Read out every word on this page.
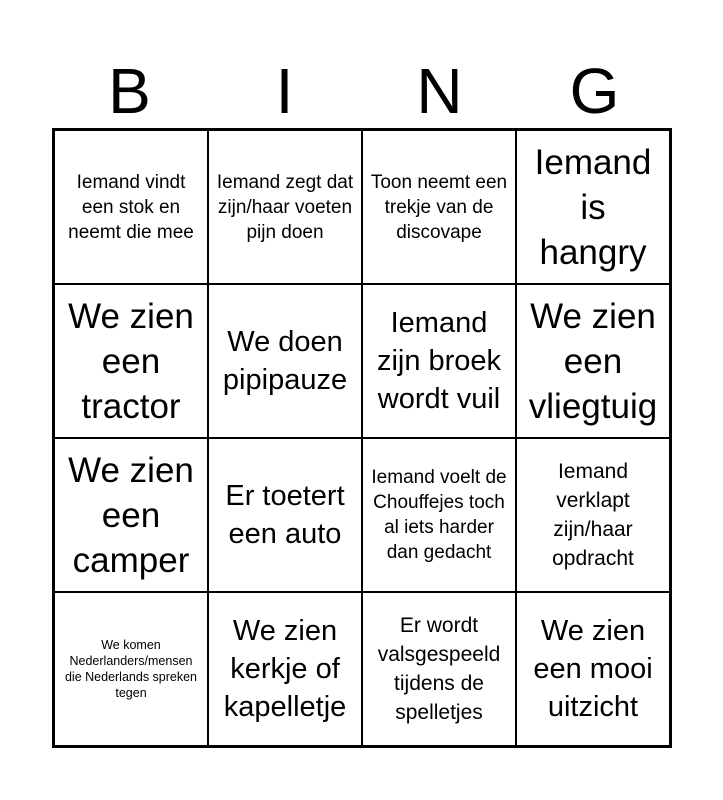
B	I	N	G
Iemand vindt een stok en neemt die mee
Iemand zegt dat zijn/haar voeten pijn doen
Toon neemt een trekje van de discovape
Iemand is hangry
We zien een tractor
We doen pipipauze
Iemand zijn broek wordt vuil
We zien een vliegtuig
We zien een camper
Er toetert een auto
Iemand voelt de Chouffejes toch al iets harder dan gedacht
Iemand verklapt zijn/haar opdracht
We komen Nederlanders/mensen die Nederlands spreken tegen
We zien kerkje of kapelletje
Er wordt valsgespeeld tijdens de spelletjes
We zien een mooi uitzicht
